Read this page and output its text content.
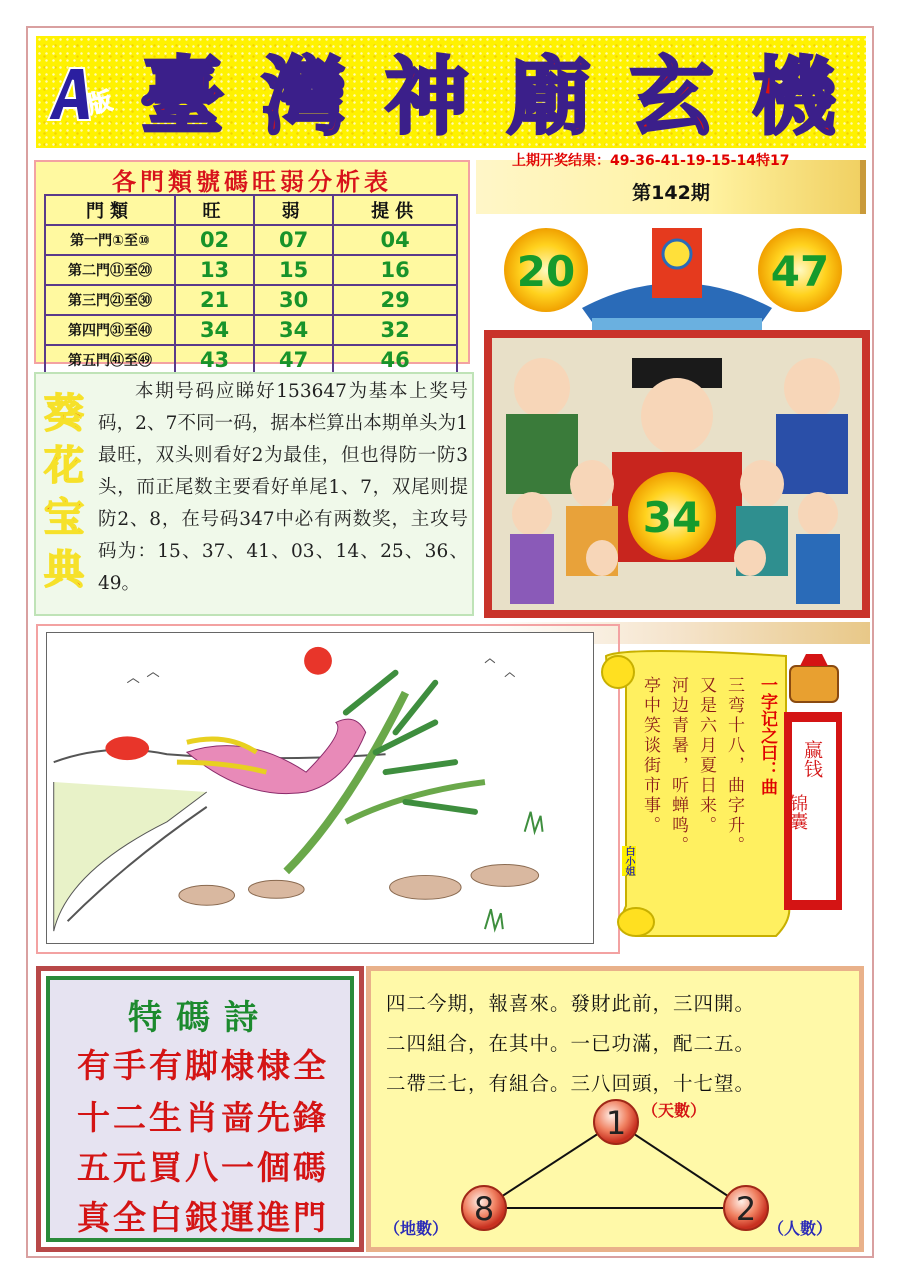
版 臺 灣 神 廟 玄 機
各門類號碼旺弱分析表
門類	旺	弱	提供
第一門①至⑩	02	07	04
第二門⑪至⑳	13	15	16
第三門㉑至㉚	21	30	29
第四門㉛至㊵	34	34	32
第五門㊶至㊾	43	47	46
上期开奖结果：49-36-41-19-15-14特17
第142期
20	47
34
葵花宝典
本期号码应睇好153647为基本上奖号码，2、7不同一码，据本栏算出本期单头为1最旺，双头则看好2为最佳，但也得防一防3头，而正尾数主要看好单尾1、7，双尾则提防2、8，在号码347中必有两数奖，主攻号码为：15、37、41、03、14、25、36、49。
一字记之曰：曲
三弯十八，曲字升。
又是六月夏日来。
河边青暑，听蝉鸣。
亭中笑谈街市事。
白小姐
赢钱
锦囊
特碼詩
有手有脚棣棣全
十二生肖啬先鋒
五元買八一個碼
真全白銀運進門
四二今期，報喜來。發財此前，三四開。
二四組合，在其中。一已功滿，配二五。
二帶三七，有組合。三八回頭，十七望。
1 （天數）
8
（地數）
2
（人數）
